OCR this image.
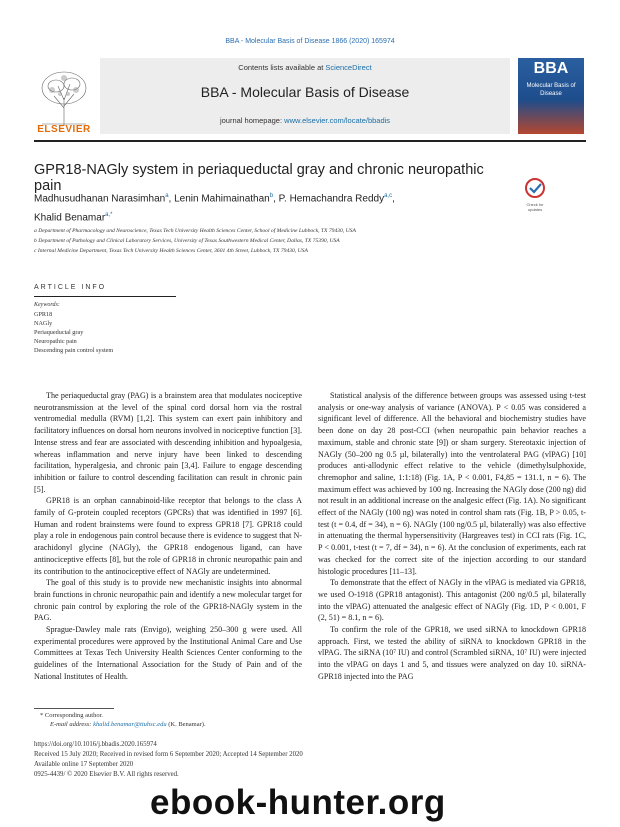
BBA - Molecular Basis of Disease 1866 (2020) 165974
ELSEVIER
Contents lists available at ScienceDirect
BBA - Molecular Basis of Disease
journal homepage: www.elsevier.com/locate/bbadis
BBA
Molecular Basis of Disease
GPR18-NAGly system in periaqueductal gray and chronic neuropathic pain
Check for updates
Madhusudhanan Narasimhan$^a$, Lenin Mahimainathan$^b$, P. Hemachandra Reddy$^{a,c}$,
Khalid Benamar$^{a,*}$
a Department of Pharmacology and Neuroscience, Texas Tech University Health Sciences Center, School of Medicine Lubbock, TX 79430, USA
b Department of Pathology and Clinical Laboratory Services, University of Texas Southwestern Medical Center, Dallas, TX 75390, USA
c Internal Medicine Department, Texas Tech University Health Sciences Center, 3601 4th Street, Lubbock, TX 79430, USA
ARTICLE INFO
Keywords:
GPR18
NAGly
Periaqueductal gray
Neuropathic pain
Descending pain control system

The periaqueductal gray (PAG) is a brainstem area that modulates nociceptive neurotransmission at the level of the spinal cord dorsal horn via the rostral ventromedial medulla (RVM) [1,2]. This system can exert pain inhibitory and facilitatory influences on dorsal horn neurons involved in nociceptive function [3]. Intense stress and fear are associated with descending inhibition and hypoalgesia, whereas inflammation and nerve injury have been linked to descending facilitation, hyperalgesia, and chronic pain [3,4]. Failure to engage descending inhibition or failure to control descending facilitation can result in chronic pain [5].

GPR18 is an orphan cannabinoid-like receptor that belongs to the class A family of G-protein coupled receptors (GPCRs) that was identified in 1997 [6]. Human and rodent brainstems were found to express GPR18 [7]. GPR18 could play a role in endogenous pain control because there is evidence to suggest that N-arachidonyl glycine (NAGly), the GPR18 endogenous ligand, can have antinociceptive effects [8], but the role of GPR18 in chronic neuropathic pain and its contribution to the antinociceptive effect of NAGly are undetermined.

The goal of this study is to provide new mechanistic insights into abnormal brain functions in chronic neuropathic pain and identify a new molecular target for chronic pain control by exploring the role of the GPR18-NAGly system in the PAG.

Sprague-Dawley male rats (Envigo), weighing 250–300 g were used. All experimental procedures were approved by the Institutional Animal Care and Use Committees at Texas Tech University Health Sciences Center conforming to the guidelines of the International Association for the Study of Pain and of the National Institutes of Health.

Statistical analysis of the difference between groups was assessed using t-test analysis or one-way analysis of variance (ANOVA). P < 0.05 was considered a significant level of difference. All the behavioral and biochemistry studies have been done on day 28 post-CCI (when neuropathic pain behavior reaches a maximum, stable and chronic state [9]) or sham surgery. Stereotaxic injection of NAGly (50–200 ng 0.5 µl, bilaterally) into the ventrolateral PAG (vlPAG) [10] produces anti-allodynic effect relative to the vehicle (dimethylsulphoxide, chremophor and saline, 1:1:18) (Fig. 1A, P < 0.001, F4,85 = 131.1, n = 6). The maximum effect was achieved by 100 ng. Increasing the NAGly dose (200 ng) did not result in an additional increase on the analgesic effect (Fig. 1A). No significant effect of the NAGly (100 ng) was noted in control sham rats (Fig. 1B, P > 0.05, t-test (t = 0.4, df = 34), n = 6). NAGly (100 ng/0.5 µl, bilaterally) was also effective in attenuating the thermal hypersensitivity (Hargreaves test) in CCI rats (Fig. 1C, P < 0.001, t-test (t = 7, df = 34), n = 6). At the conclusion of experiments, each rat was checked for the correct site of the injection according to our standard histologic procedures [11–13].

To demonstrate that the effect of NAGly in the vlPAG is mediated via GPR18, we used O-1918 (GPR18 antagonist). This antagonist (200 ng/0.5 µl, bilaterally into the vlPAG) attenuated the analgesic effect of NAGly (Fig. 1D, P < 0.001, F (2, 51) = 8.1, n = 6).

To confirm the role of the GPR18, we used siRNA to knockdown GPR18 approach. First, we tested the ability of siRNA to knockdown GPR18 in the vlPAG. The siRNA (10⁷ IU) and control (Scrambled siRNA, 10⁷ IU) were injected into the vlPAG on days 1 and 5, and tissues were analyzed on day 10. siRNA-GPR18 injected into the PAG

* Corresponding author.
E-mail address: khalid.benamar@ttuhsc.edu (K. Benamar).
https://doi.org/10.1016/j.bbadis.2020.165974
Received 15 July 2020; Received in revised form 6 September 2020; Accepted 14 September 2020
Available online 17 September 2020
0925-4439/ © 2020 Elsevier B.V. All rights reserved.
ebook-hunter.org
